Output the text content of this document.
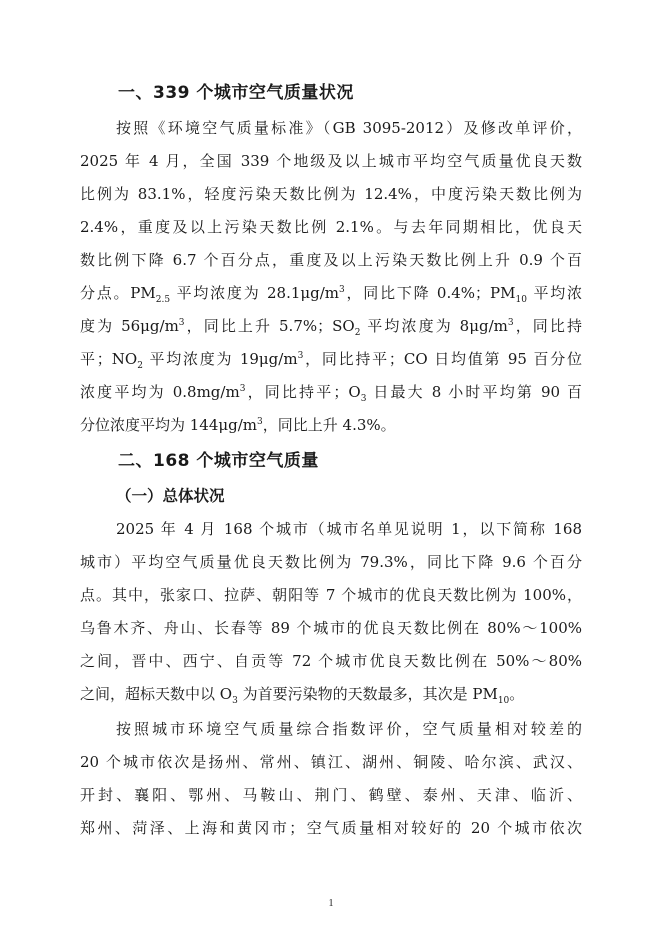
一、339 个城市空气质量状况
按照《环境空气质量标准》（GB 3095-2012）及修改单评价，
2025 年 4 月，全国 339 个地级及以上城市平均空气质量优良天数
比例为 83.1%，轻度污染天数比例为 12.4%，中度污染天数比例为
2.4%，重度及以上污染天数比例 2.1%。与去年同期相比，优良天
数比例下降 6.7 个百分点，重度及以上污染天数比例上升 0.9 个百
分点。$PM_{2.5}$ 平均浓度为 $28.1\mu g/m^3$，同比下降 0.4%；$PM_{10}$ 平均浓
度为 $56\mu g/m^3$，同比上升 5.7%；$SO_2$ 平均浓度为 $8\mu g/m^3$，同比持
平；$NO_2$ 平均浓度为 $19\mu g/m^3$，同比持平；CO 日均值第 95 百分位
浓度平均为 $0.8mg/m^3$，同比持平；$O_3$ 日最大 8 小时平均第 90 百
分位浓度平均为 $144\mu g/m^3$，同比上升 4.3%。
二、168 个城市空气质量
（一）总体状况
2025 年 4 月 168 个城市（城市名单见说明 1，以下简称 168
城市）平均空气质量优良天数比例为 79.3%，同比下降 9.6 个百分
点。其中，张家口、拉萨、朝阳等 7 个城市的优良天数比例为 100%，
乌鲁木齐、舟山、长春等 89 个城市的优良天数比例在 80%～100%
之间，晋中、西宁、自贡等 72 个城市优良天数比例在 50%～80%
之间，超标天数中以 $O_3$ 为首要污染物的天数最多，其次是 $PM_{10}$。
按照城市环境空气质量综合指数评价，空气质量相对较差的
20 个城市依次是扬州、常州、镇江、湖州、铜陵、哈尔滨、武汉、
开封、襄阳、鄂州、马鞍山、荆门、鹤壁、泰州、天津、临沂、
郑州、菏泽、上海和黄冈市；空气质量相对较好的 20 个城市依次
1
